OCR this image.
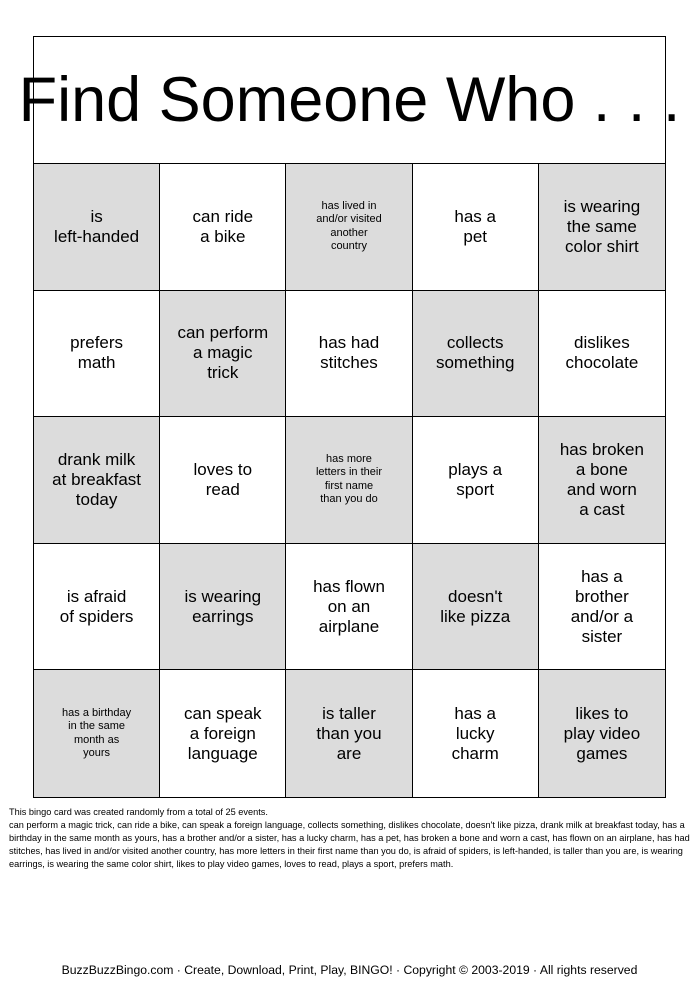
Find Someone Who . . .
is
left-handed
can ride
a bike
has lived in
and/or visited
another
country
has a
pet
is wearing
the same
color shirt
prefers
math
can perform
a magic
trick
has had
stitches
collects
something
dislikes
chocolate
drank milk
at breakfast
today
loves to
read
has more
letters in their
first name
than you do
plays a
sport
has broken
a bone
and worn
a cast
is afraid
of spiders
is wearing
earrings
has flown
on an
airplane
doesn't
like pizza
has a
brother
and/or a
sister
has a birthday
in the same
month as
yours
can speak
a foreign
language
is taller
than you
are
has a
lucky
charm
likes to
play video
games

This bingo card was created randomly from a total of 25 events.

can perform a magic trick, can ride a bike, can speak a foreign language, collects something, dislikes chocolate, doesn't like pizza, drank milk at breakfast today, has a birthday in the same month as yours, has a brother and/or a sister, has a lucky charm, has a pet, has broken a bone and worn a cast, has flown on an airplane, has had stitches, has lived in and/or visited another country, has more letters in their first name than you do, is afraid of spiders, is left-handed, is taller than you are, is wearing earrings, is wearing the same color shirt, likes to play video games, loves to read, plays a sport, prefers math.

BuzzBuzzBingo.com · Create, Download, Print, Play, BINGO! · Copyright © 2003-2019 · All rights reserved
